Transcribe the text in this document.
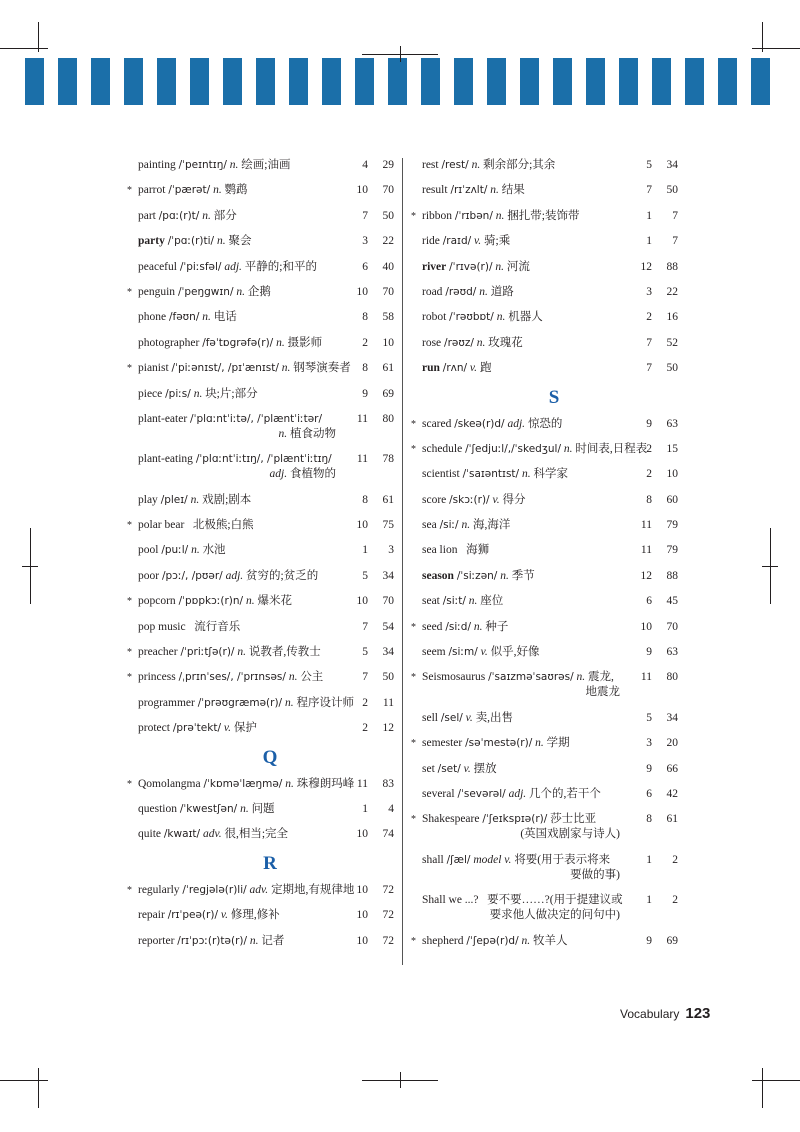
painting /ˈpeɪntɪŋ/ n. 绘画;油画	4	29
* parrot /ˈpærət/ n. 鹦鹉	10	70
part /pɑː(r)t/ n. 部分	7	50
party /ˈpɑː(r)ti/ n. 聚会	3	22
peaceful /ˈpiːsfəl/ adj. 平静的;和平的	6	40
* penguin /ˈpeŋgwɪn/ n. 企鹅	10	70
phone /fəʊn/ n. 电话	8	58
photographer /fəˈtɒgrəfə(r)/ n. 摄影师	2	10
* pianist /ˈpiːənɪst/, /pɪˈænɪst/ n. 钢琴演奏者 8	61
piece /piːs/ n. 块;片;部分	9	69
plant-eater /ˈplɑːntˈiːtə/, /ˈplæntˈiːtər/
n. 植食动物
11	80
plant-eating /ˈplɑːntˈiːtɪŋ/, /ˈplæntˈiːtɪŋ/
adj. 食植物的
11	78
play /pleɪ/ n. 戏剧;剧本	8	61
* polar bear 北极熊;白熊	10	75
pool /puːl/ n. 水池	1	3
poor /pɔː/, /pʊər/ adj. 贫穷的;贫乏的	5	34
* popcorn /ˈpɒpkɔː(r)n/ n. 爆米花	10	70
pop music 流行音乐	7	54
* preacher /ˈpriːtʃə(r)/ n. 说教者,传教士	5	34
* princess /ˌprɪnˈses/, /ˈprɪnsəs/ n. 公主	7	50
programmer /ˈprəʊgræmə(r)/ n. 程序设计师 2	11
protect /prəˈtekt/ v. 保护	2	12
Q
* Qomolangma /ˈkɒməˈlæŋmə/ n. 珠穆朗玛峰 11	83
question /ˈkwestʃən/ n. 问题	1	4
quite /kwaɪt/ adv. 很,相当;完全	10	74
R
* regularly /ˈregjələ(r)li/ adv. 定期地,有规律地 10	72
repair /rɪˈpeə(r)/ v. 修理,修补	10	72
reporter /rɪˈpɔː(r)tə(r)/ n. 记者	10	72
rest /rest/ n. 剩余部分;其余	5	34
result /rɪˈzʌlt/ n. 结果	7	50
* ribbon /ˈrɪbən/ n. 捆扎带;装饰带	1	7
ride /raɪd/ v. 骑;乘	1	7
river /ˈrɪvə(r)/ n. 河流	12	88
road /rəʊd/ n. 道路	3	22
robot /ˈrəʊbɒt/ n. 机器人	2	16
rose /rəʊz/ n. 玫瑰花	7	52
run /rʌn/ v. 跑	7	50
S
* scared /skeə(r)d/ adj. 惊恐的	9	63
* schedule /ˈʃedjuːl/,/ˈskedʒul/ n. 时间表,日程表 2	15
scientist /ˈsaɪəntɪst/ n. 科学家	2	10
score /skɔː(r)/ v. 得分	8	60
sea /siː/ n. 海,海洋	11	79
sea lion 海狮	11	79
season /ˈsiːzən/ n. 季节	12	88
seat /siːt/ n. 座位	6	45
* seed /siːd/ n. 种子	10	70
seem /siːm/ v. 似乎,好像	9	63
* Seismosaurus /ˈsaɪzməˈsaʊrəs/ n. 震龙,
地震龙
11	80
sell /sel/ v. 卖,出售	5	34
* semester /səˈmestə(r)/ n. 学期	3	20
set /set/ v. 摆放	9	66
several /ˈsevərəl/ adj. 几个的,若干个	6	42
* Shakespeare /ˈʃeɪkspɪə(r)/ 莎士比亚
(英国戏剧家与诗人)
8	61
shall /ʃæl/ model v. 将要(用于表示将来
要做的事)
1	2
Shall we ...? 要不要……?(用于提建议或
要求他人做决定的问句中)
1	2
* shepherd /ˈʃepə(r)d/ n. 牧羊人	9	69
Vocabulary 123
